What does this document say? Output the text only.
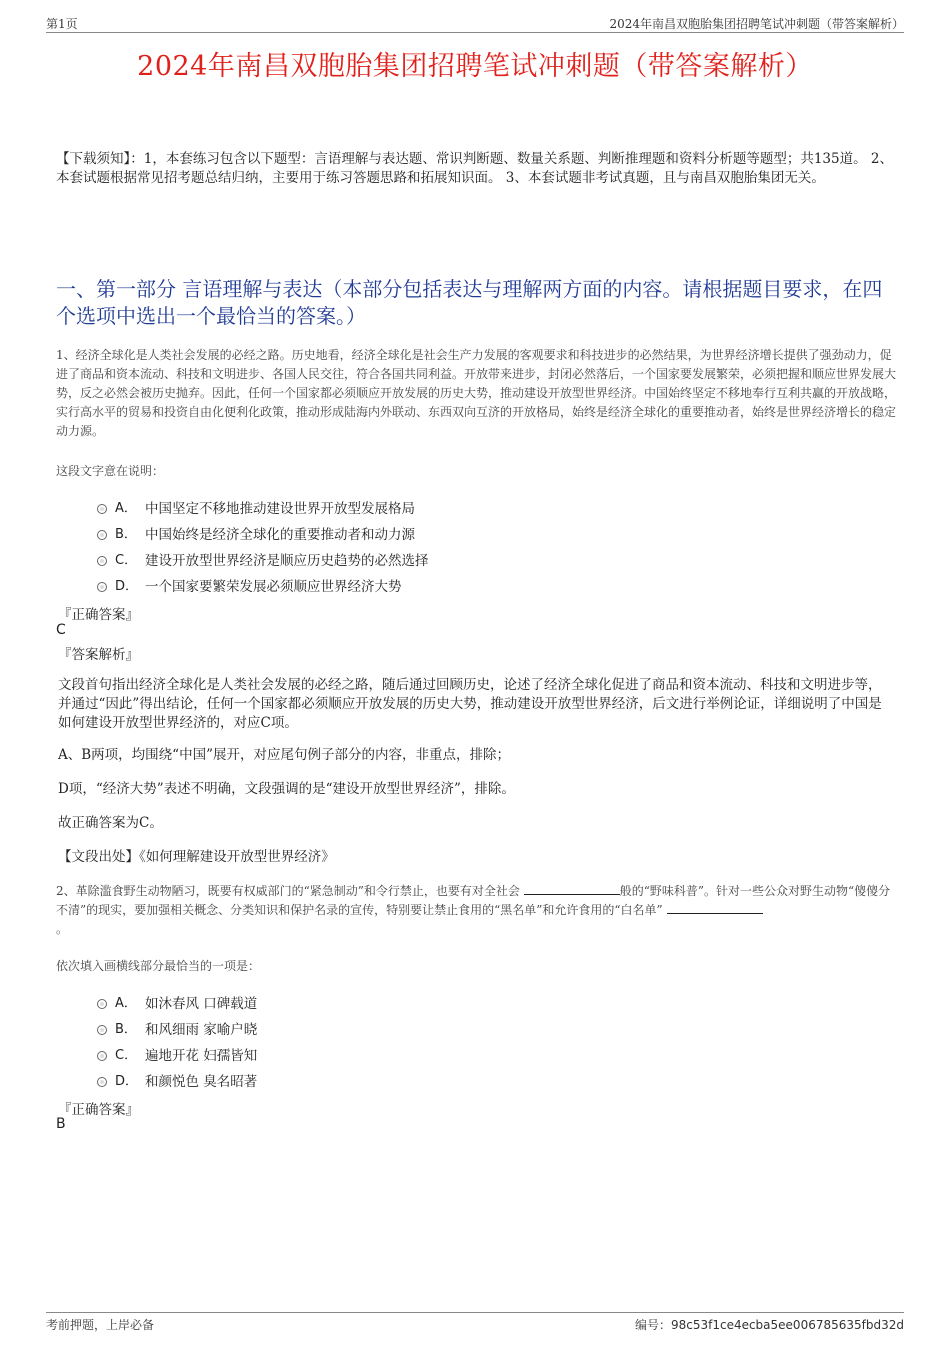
第1页	2024年南昌双胞胎集团招聘笔试冲刺题（带答案解析）
2024年南昌双胞胎集团招聘笔试冲刺题（带答案解析）
【下载须知】：1，本套练习包含以下题型：言语理解与表达题、常识判断题、数量关系题、判断推理题和资料分析题等题型；共135道。 2、本套试题根据常见招考题总结归纳，主要用于练习答题思路和拓展知识面。 3、本套试题非考试真题，且与南昌双胞胎集团无关。
一、第一部分 言语理解与表达（本部分包括表达与理解两方面的内容。请根据题目要求，在四个选项中选出一个最恰当的答案。）
1、经济全球化是人类社会发展的必经之路。历史地看，经济全球化是社会生产力发展的客观要求和科技进步的必然结果，为世界经济增长提供了强劲动力，促进了商品和资本流动、科技和文明进步、各国人民交往，符合各国共同利益。开放带来进步，封闭必然落后，一个国家要发展繁荣，必须把握和顺应世界发展大势，反之必然会被历史抛弃。因此，任何一个国家都必须顺应开放发展的历史大势，推动建设开放型世界经济。中国始终坚定不移地奉行互利共赢的开放战略，实行高水平的贸易和投资自由化便利化政策，推动形成陆海内外联动、东西双向互济的开放格局，始终是经济全球化的重要推动者，始终是世界经济增长的稳定动力源。
这段文字意在说明：
A． 中国坚定不移地推动建设世界开放型发展格局
B． 中国始终是经济全球化的重要推动者和动力源
C． 建设开放型世界经济是顺应历史趋势的必然选择
D． 一个国家要繁荣发展必须顺应世界经济大势
『正确答案』
C
『答案解析』
文段首句指出经济全球化是人类社会发展的必经之路，随后通过回顾历史，论述了经济全球化促进了商品和资本流动、科技和文明进步等，并通过“因此”得出结论，任何一个国家都必须顺应开放发展的历史大势，推动建设开放型世界经济，后文进行举例论证，详细说明了中国是如何建设开放型世界经济的，对应C项。
A、B两项，均围绕“中国”展开，对应尾句例子部分的内容，非重点，排除；
D项，“经济大势”表述不明确，文段强调的是“建设开放型世界经济”，排除。
故正确答案为C。
【文段出处】《如何理解建设开放型世界经济》
2、革除滥食野生动物陋习，既要有权威部门的“紧急制动”和令行禁止，也要有对全社会	般的“野味科普”。针对一些公众对野生动物“傻傻分不清”的现实，要加强相关概念、分类知识和保护名录的宣传，特别要让禁止食用的“黑名单”和允许食用的“白名单”
。
依次填入画横线部分最恰当的一项是：
A． 如沐春风 口碑载道
B． 和风细雨 家喻户晓
C． 遍地开花 妇孺皆知
D． 和颜悦色 臭名昭著
『正确答案』
B
考前押题，上岸必备	编号：98c53f1ce4ecba5ee006785635fbd32d
